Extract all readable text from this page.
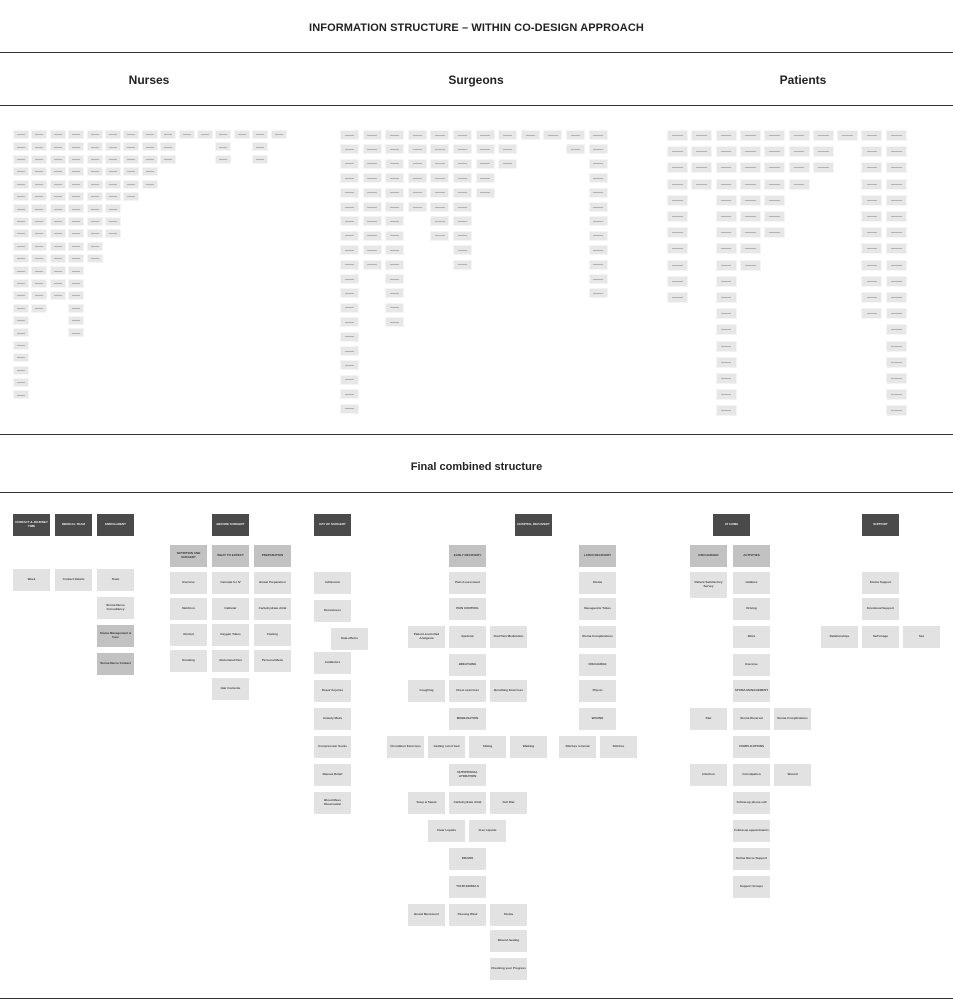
INFORMATION STRUCTURE – WITHIN CO-DESIGN APPROACH
Nurses	Surgeons	Patients
Final combined structure
CONTACT & JOURNEY TIME	MEDICAL TEAM	ENROLLMENT
Week	Contact Details	Team
Stoma Nurse Consultancy
Stoma Management & Care
Stoma Nurse Contact
BEFORE SURGERY
NUTRITION AND SURGERY	WHAT TO EXPECT	PREPARATION
Exercise
Nutrition
Alcohol
Smoking
Cannula for IV
Catheter
Oxygen Tubes
Abdominal Pain
Hair Contents
Bowel Preparation
Carbohydrate drink
Fasting
Personal Meds
DAY OF SURGERY
Admission
Drowsiness
Side-effects
Antibiotics
Report Injuries
Anxiety Meds
Compression Socks
Nausea Relief
Blood Mass Observation
HOSPITAL RECOVERY
EARLY RECOVERY
Pain Assessment
PAIN CONTROL
Patient-controlled Analgesia	Epidural	Oral Pain Medication
BREATHING
Coughing	Chest exercises	Breathing Exercises
MOBILISATION
Circulation Exercises	Getting out of bed	Sitting	Walking
NUTRITIONAL HYDRATION
Soup & Sweet	Carbohydrate drink	Full Diet
Clear Liquids	Free Liquids
DRAINS
YOUR BOWELS
Bowel Movement	Passing Wind	Stoma
Wound healing
Checking your Progress
LATER RECOVERY
Stoma
Nasogastric Tubes
Stoma Complications
DISCHARGE
Physio
WOUND
Stitches removal	Stitches
AT HOME
DISCHARGED	ACTIVITIES
Patient Satisfactory Survey
Diet
Infection
Hobbies
Driving
Work
Exercise
STOMA MANAGEMENT
Stoma Reversal
COMPLICATIONS
Constipation
Follow-up phone call
Follow-up appointments
Online Nurse Support
Support Groups
Stoma Complications
Wound
SUPPORT
Stoma Support
Emotional Support
Relationships	Self image	Sex
